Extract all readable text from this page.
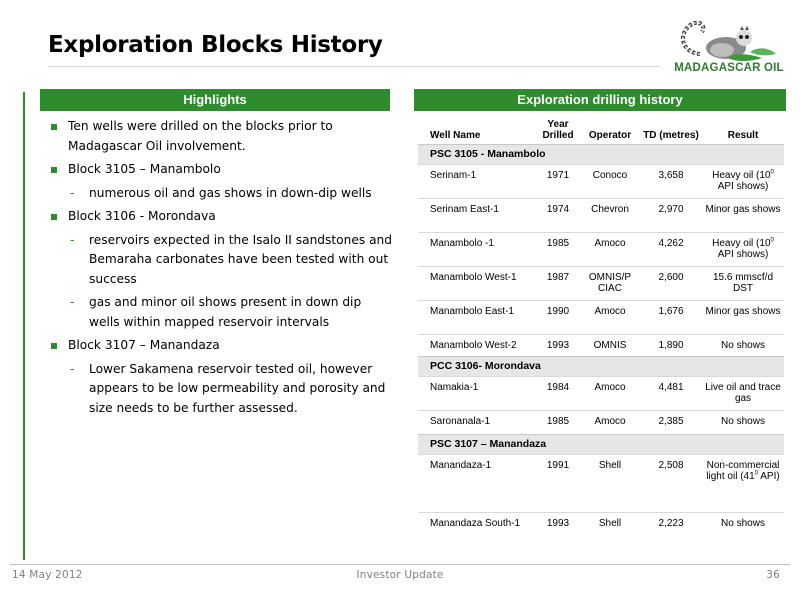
Exploration Blocks History
MADAGASCAR OIL
Highlights
Ten wells were drilled on the blocks prior to Madagascar Oil involvement.
Block 3105 – Manambolo
- numerous oil and gas shows in down-dip wells
Block 3106 - Morondava
- reservoirs expected in the Isalo II sandstones and Bemaraha carbonates have been tested with out success
- gas and minor oil shows present in down dip wells within mapped reservoir intervals
Block 3107 – Manandaza
- Lower Sakamena reservoir tested oil, however appears to be low permeability and porosity and size needs to be further assessed.
Exploration drilling history
Well Name	Year Drilled	Operator	TD (metres)	Result
PSC 3105 - Manambolo				
Serinam-1	1971	Conoco	3,658	Heavy oil ($10^0$ API shows)
Serinam East-1	1974	Chevron	2,970	Minor gas shows
Manambolo -1	1985	Amoco	4,262	Heavy oil ($10^0$ API shows)
Manambolo West-1	1987	OMNIS/P CIAC	2,600	15.6 mmscf/d DST
Manambolo East-1	1990	Amoco	1,676	Minor gas shows
Manambolo West-2	1993	OMNIS	1,890	No shows
PCC 3106- Morondava				
Namakia-1	1984	Amoco	4,481	Live oil and trace gas
Saronanala-1	1985	Amoco	2,385	No shows
PSC 3107 – Manandaza				
Manandaza-1	1991	Shell	2,508	Non-commercial light oil ($41^0$ API)
Manandaza South-1	1993	Shell	2,223	No shows
14 May 2012	Investor Update	36
